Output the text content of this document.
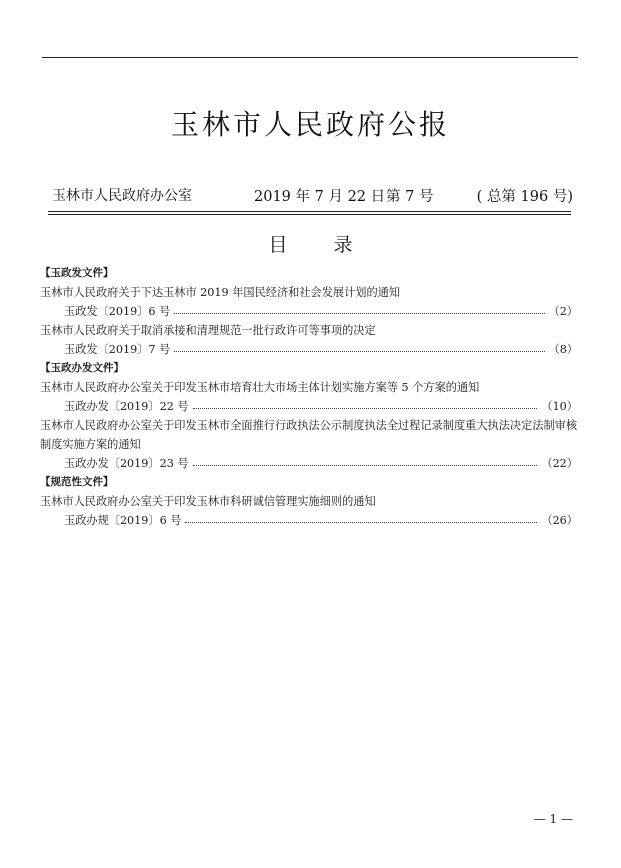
玉林市人民政府公报
玉林市人民政府办公室	2019 年 7 月 22 日 第 7 号	( 总第 196 号)
目 录
【玉政发文件】
玉林市人民政府关于下达玉林市 2019 年国民经济和社会发展计划的通知
玉政发〔2019〕6 号	（2）
玉林市人民政府关于取消承接和清理规范一批行政许可等事项的决定
玉政发〔2019〕7 号	（8）
【玉政办发文件】
玉林市人民政府办公室关于印发玉林市培育壮大市场主体计划实施方案等 5 个方案的通知
玉政办发〔2019〕22 号	（10）
玉林市人民政府办公室关于印发玉林市全面推行行政执法公示制度执法全过程记录制度重大执法决定法制审核制度实施方案的通知
玉政办发〔2019〕23 号	（22）
【规范性文件】
玉林市人民政府办公室关于印发玉林市科研诚信管理实施细则的通知
玉政办规〔2019〕6 号	（26）
— 1 —
